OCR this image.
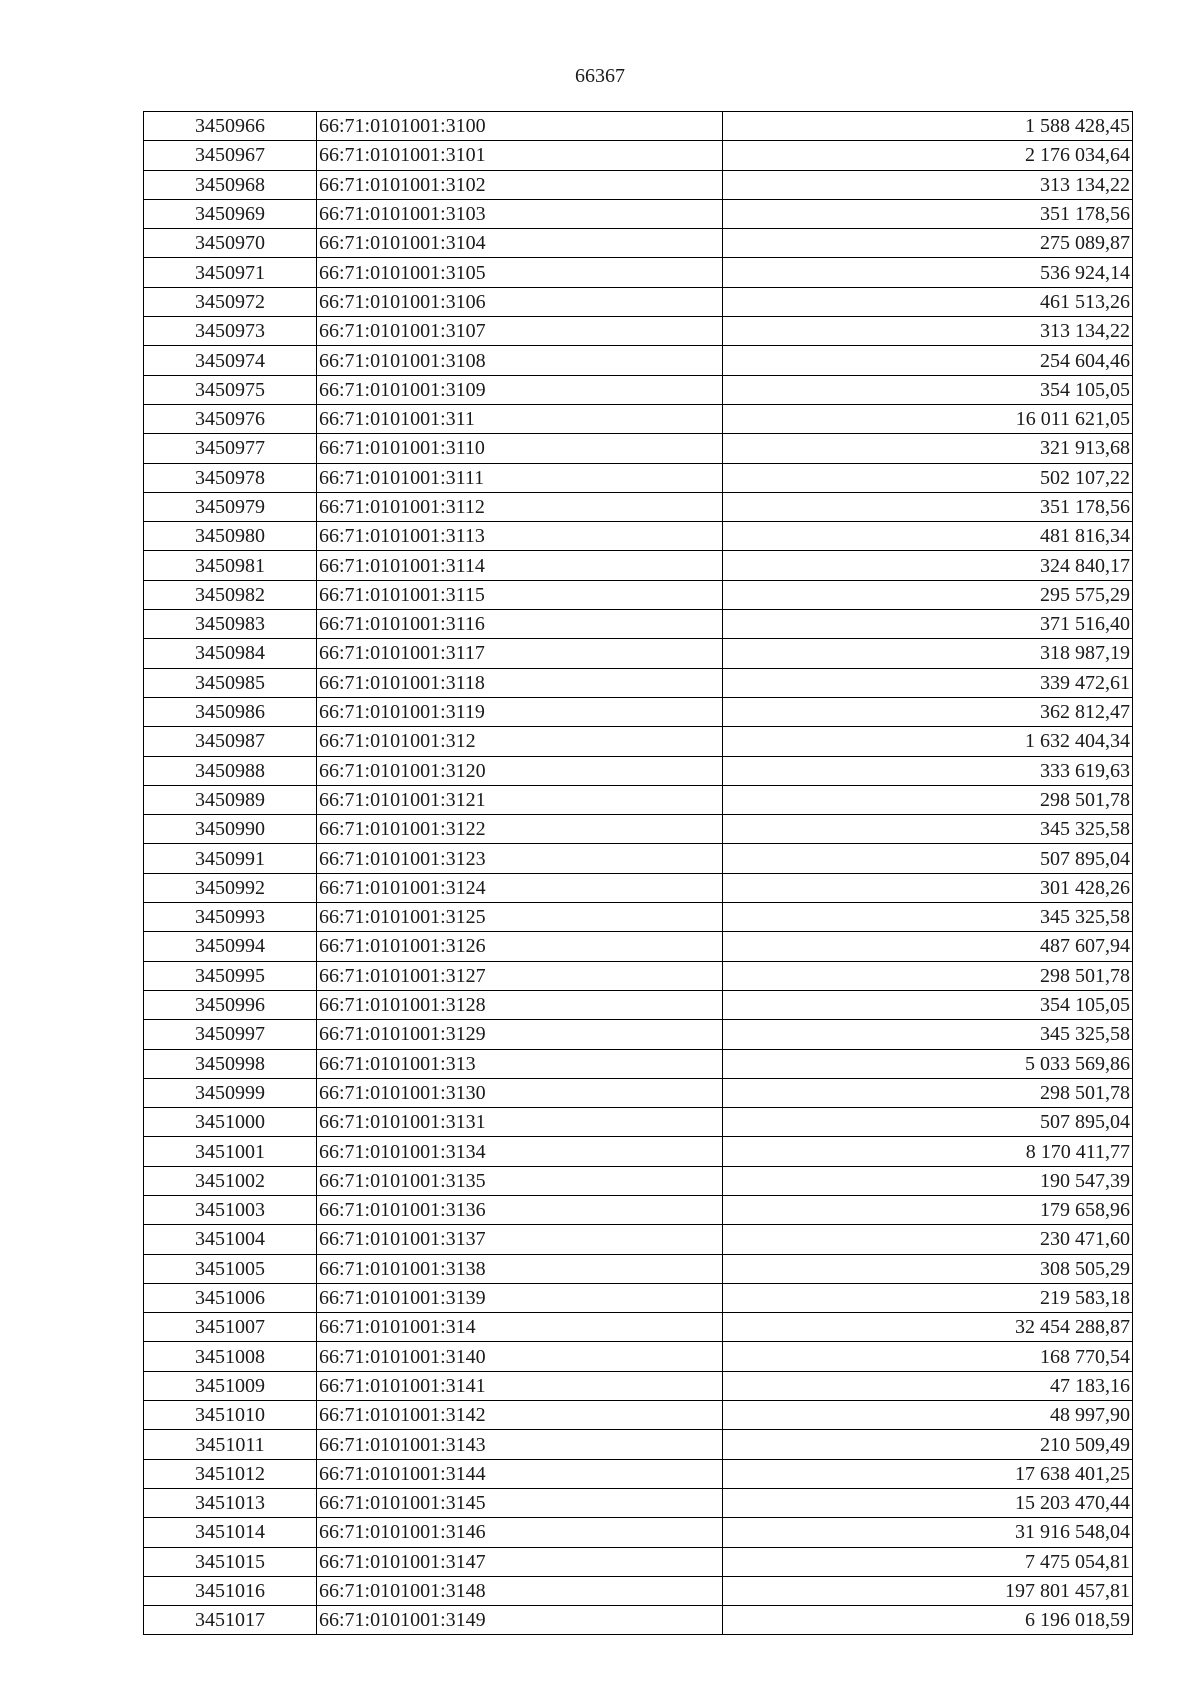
66367
3450966	66:71:0101001:3100	1 588 428,45
3450967	66:71:0101001:3101	2 176 034,64
3450968	66:71:0101001:3102	313 134,22
3450969	66:71:0101001:3103	351 178,56
3450970	66:71:0101001:3104	275 089,87
3450971	66:71:0101001:3105	536 924,14
3450972	66:71:0101001:3106	461 513,26
3450973	66:71:0101001:3107	313 134,22
3450974	66:71:0101001:3108	254 604,46
3450975	66:71:0101001:3109	354 105,05
3450976	66:71:0101001:311	16 011 621,05
3450977	66:71:0101001:3110	321 913,68
3450978	66:71:0101001:3111	502 107,22
3450979	66:71:0101001:3112	351 178,56
3450980	66:71:0101001:3113	481 816,34
3450981	66:71:0101001:3114	324 840,17
3450982	66:71:0101001:3115	295 575,29
3450983	66:71:0101001:3116	371 516,40
3450984	66:71:0101001:3117	318 987,19
3450985	66:71:0101001:3118	339 472,61
3450986	66:71:0101001:3119	362 812,47
3450987	66:71:0101001:312	1 632 404,34
3450988	66:71:0101001:3120	333 619,63
3450989	66:71:0101001:3121	298 501,78
3450990	66:71:0101001:3122	345 325,58
3450991	66:71:0101001:3123	507 895,04
3450992	66:71:0101001:3124	301 428,26
3450993	66:71:0101001:3125	345 325,58
3450994	66:71:0101001:3126	487 607,94
3450995	66:71:0101001:3127	298 501,78
3450996	66:71:0101001:3128	354 105,05
3450997	66:71:0101001:3129	345 325,58
3450998	66:71:0101001:313	5 033 569,86
3450999	66:71:0101001:3130	298 501,78
3451000	66:71:0101001:3131	507 895,04
3451001	66:71:0101001:3134	8 170 411,77
3451002	66:71:0101001:3135	190 547,39
3451003	66:71:0101001:3136	179 658,96
3451004	66:71:0101001:3137	230 471,60
3451005	66:71:0101001:3138	308 505,29
3451006	66:71:0101001:3139	219 583,18
3451007	66:71:0101001:314	32 454 288,87
3451008	66:71:0101001:3140	168 770,54
3451009	66:71:0101001:3141	47 183,16
3451010	66:71:0101001:3142	48 997,90
3451011	66:71:0101001:3143	210 509,49
3451012	66:71:0101001:3144	17 638 401,25
3451013	66:71:0101001:3145	15 203 470,44
3451014	66:71:0101001:3146	31 916 548,04
3451015	66:71:0101001:3147	7 475 054,81
3451016	66:71:0101001:3148	197 801 457,81
3451017	66:71:0101001:3149	6 196 018,59
